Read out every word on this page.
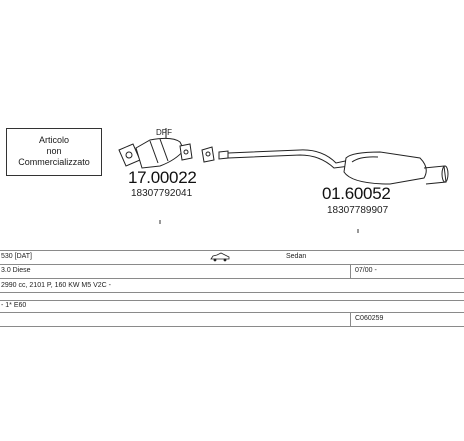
Articolo
non
Commercializzato
DPF
17.00022
18307792041	01.60052
18307789907
530 [DAT]	Sedan
3.0 Diese	07/00 -
2990 cc, 2101 P, 160 KW M5 V2C -
- 1* E60
C060259
